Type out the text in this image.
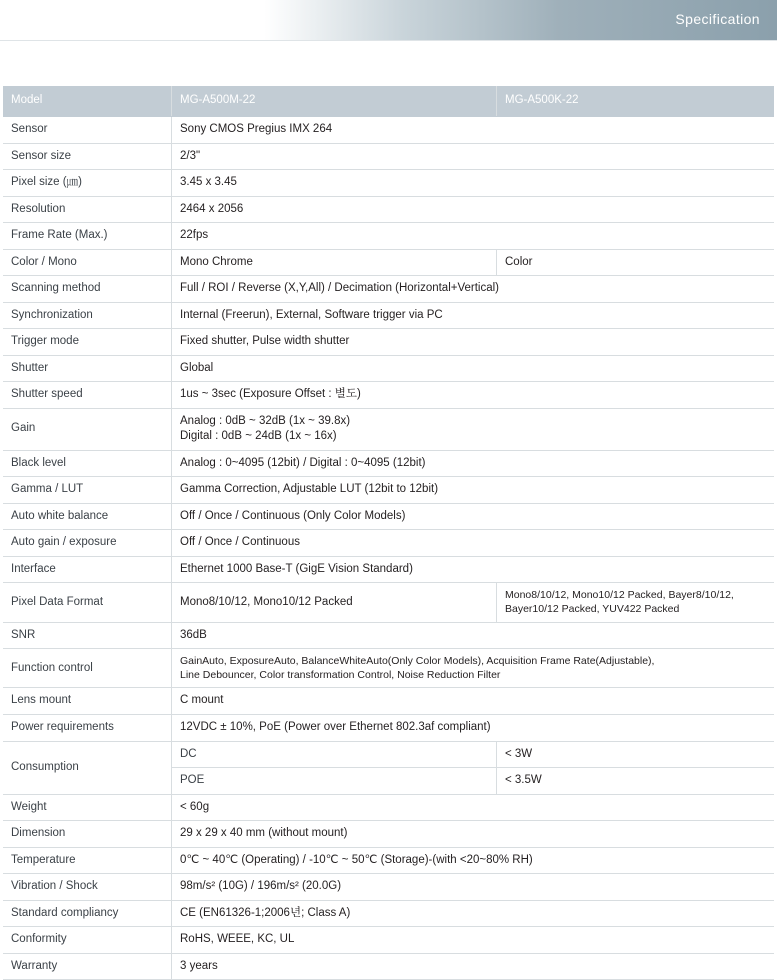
Specification
Model	MG-A500M-22	MG-A500K-22
Sensor	Sony CMOS Pregius IMX 264	
Sensor size	2/3"	
Pixel size (㎛)	3.45 x 3.45	
Resolution	2464 x 2056	
Frame Rate (Max.)	22fps	
Color / Mono	Mono Chrome	Color
Scanning method	Full / ROI / Reverse (X,Y,All) / Decimation (Horizontal+Vertical)	
Synchronization	Internal (Freerun), External, Software trigger via PC	
Trigger mode	Fixed shutter, Pulse width shutter	
Shutter	Global	
Shutter speed	1us ~ 3sec (Exposure Offset : 별도)	
Gain	Analog : 0dB ~ 32dB (1x ~ 39.8x)
Digital : 0dB ~ 24dB (1x ~ 16x)	

Black level	Analog : 0~4095 (12bit) / Digital : 0~4095 (12bit)	
Gamma / LUT	Gamma Correction, Adjustable LUT (12bit to 12bit)	
Auto white balance	Off / Once / Continuous (Only Color Models)	
Auto gain / exposure	Off / Once / Continuous	
Interface	Ethernet 1000 Base-T (GigE Vision Standard)	
Pixel Data Format	Mono8/10/12, Mono10/12 Packed	Mono8/10/12, Mono10/12 Packed, Bayer8/10/12,
Bayer10/12 Packed, YUV422 Packed

SNR	36dB	
Function control	GainAuto, ExposureAuto, BalanceWhiteAuto(Only Color Models), Acquisition Frame Rate(Adjustable),
Line Debouncer, Color transformation Control, Noise Reduction Filter	

Lens mount	C mount	
Power requirements	12VDC ± 10%, PoE (Power over Ethernet 802.3af compliant)	
Consumption	DC	< 3W
	POE	< 3.5W
Weight	< 60g	
Dimension	29 x 29 x 40 mm (without mount)	
Temperature	0℃ ~ 40℃ (Operating) / -10℃ ~ 50℃ (Storage)-(with <20~80% RH)	
Vibration / Shock	98m/s² (10G) / 196m/s² (20.0G)	
Standard compliancy	CE (EN61326-1;2006년; Class A)	
Conformity	RoHS, WEEE, KC, UL	
Warranty	3 years	
